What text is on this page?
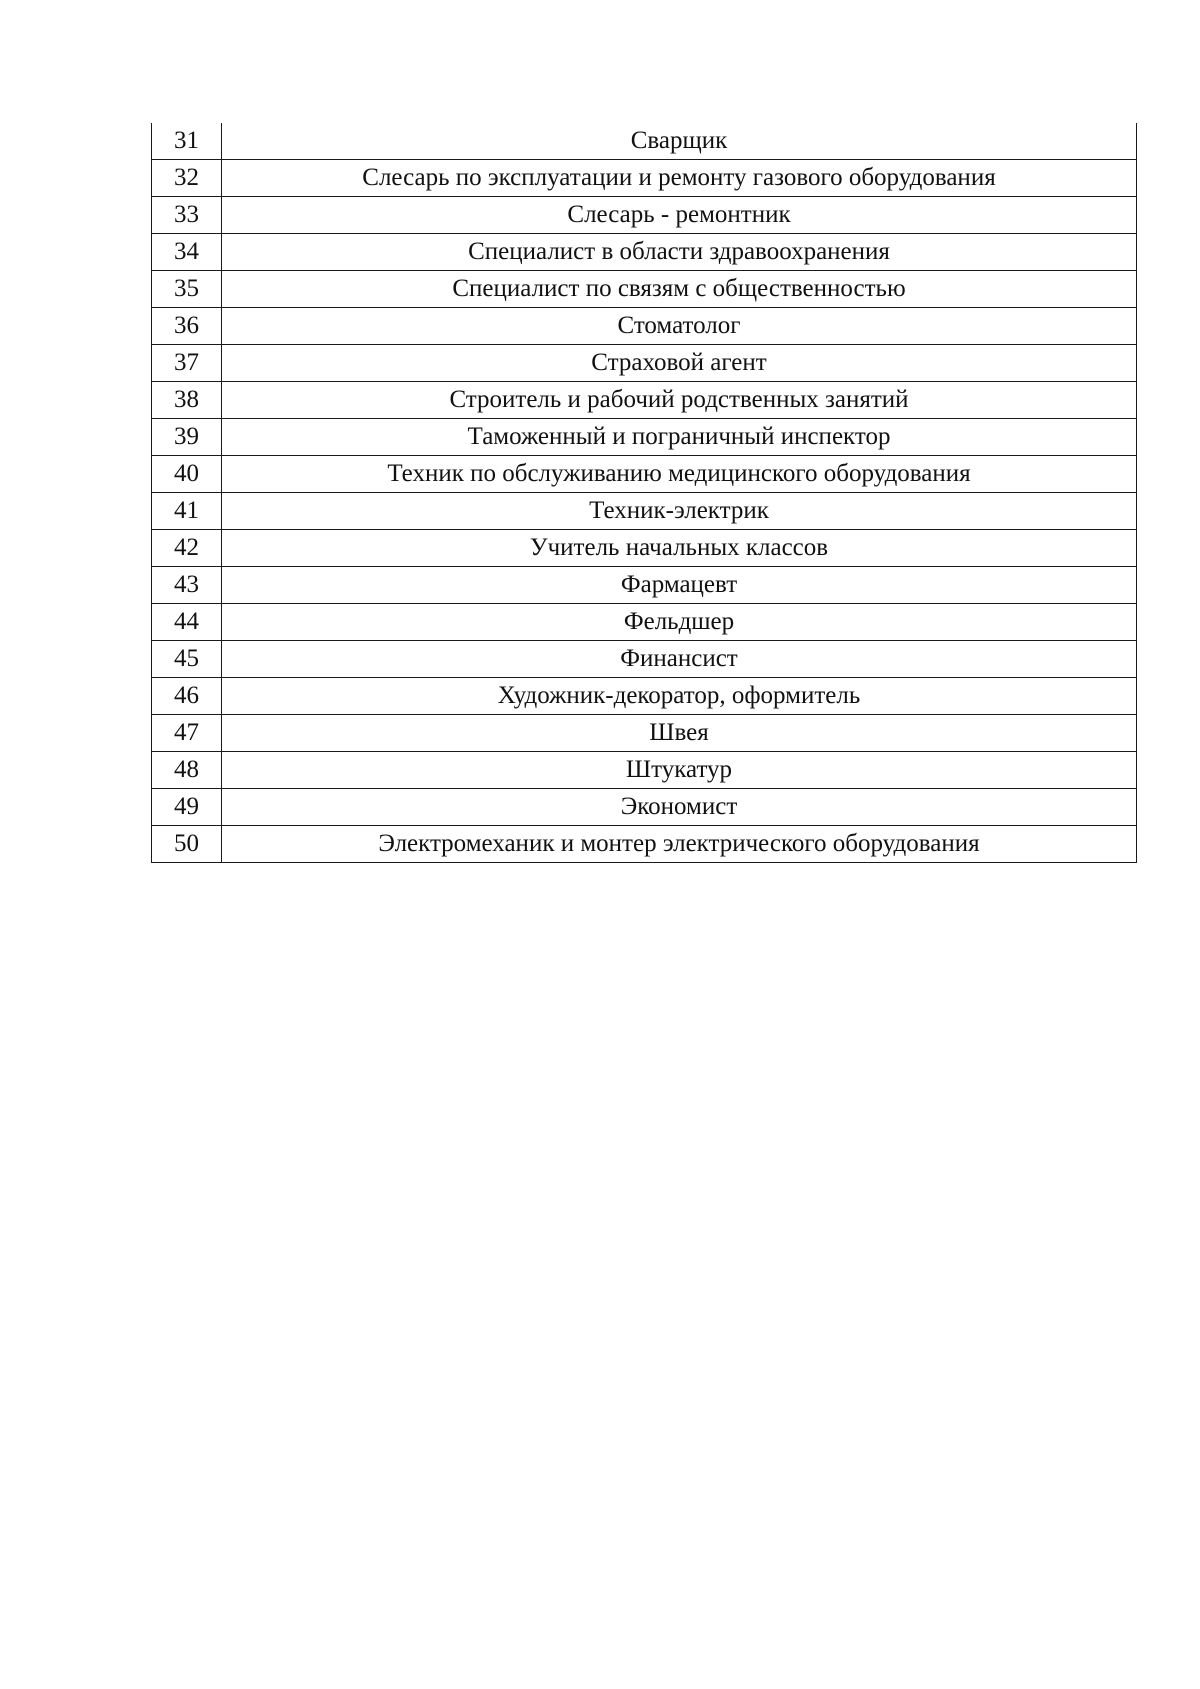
31	Сварщик
32	Слесарь по эксплуатации и ремонту газового оборудования
33	Слесарь - ремонтник
34	Специалист в области здравоохранения
35	Специалист по связям с общественностью
36	Стоматолог
37	Страховой агент
38	Строитель и рабочий родственных занятий
39	Таможенный и пограничный инспектор
40	Техник по обслуживанию медицинского оборудования
41	Техник-электрик
42	Учитель начальных классов
43	Фармацевт
44	Фельдшер
45	Финансист
46	Художник-декоратор, оформитель
47	Швея
48	Штукатур
49	Экономист
50	Электромеханик и монтер электрического оборудования
